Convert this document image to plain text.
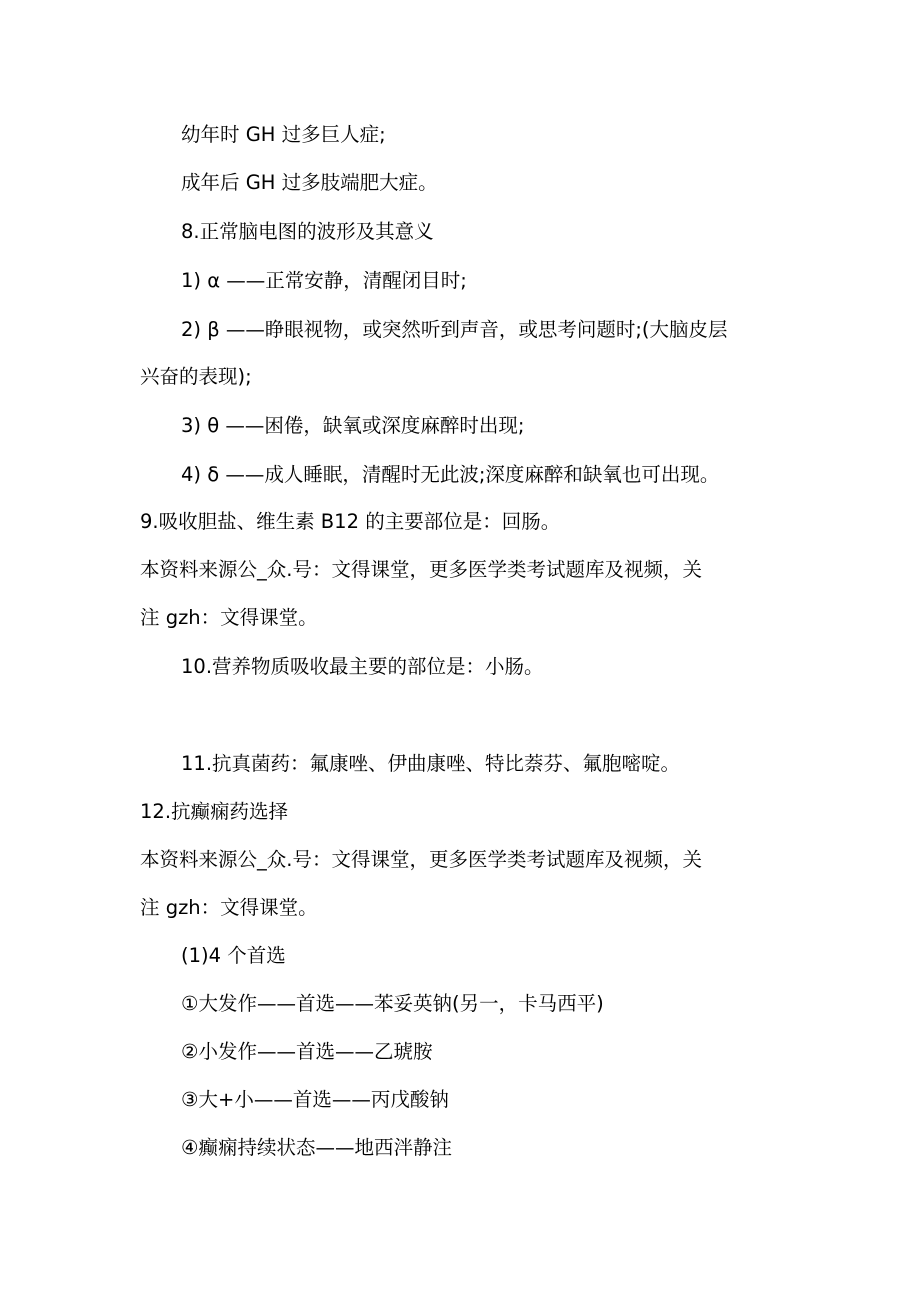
幼年时 GH 过多巨人症;
成年后 GH 过多肢端肥大症。
8.正常脑电图的波形及其意义
1) α ——正常安静，清醒闭目时;
2) β ——睁眼视物，或突然听到声音，或思考问题时;(大脑皮层
兴奋的表现);
3) θ ——困倦，缺氧或深度麻醉时出现;
4) δ ——成人睡眠，清醒时无此波;深度麻醉和缺氧也可出现。
9.吸收胆盐、维生素 B12 的主要部位是：回肠。
本资料来源公_众.号：文得课堂，更多医学类考试题库及视频，关
注 gzh：文得课堂。
10.营养物质吸收最主要的部位是：小肠。
11.抗真菌药：氟康唑、伊曲康唑、特比萘芬、氟胞嘧啶。
12.抗癫痫药选择
本资料来源公_众.号：文得课堂，更多医学类考试题库及视频，关
注 gzh：文得课堂。
(1)4 个首选
①大发作——首选——苯妥英钠(另一，卡马西平)
②小发作——首选——乙琥胺
③大+小——首选——丙戊酸钠
④癫痫持续状态——地西泮静注
